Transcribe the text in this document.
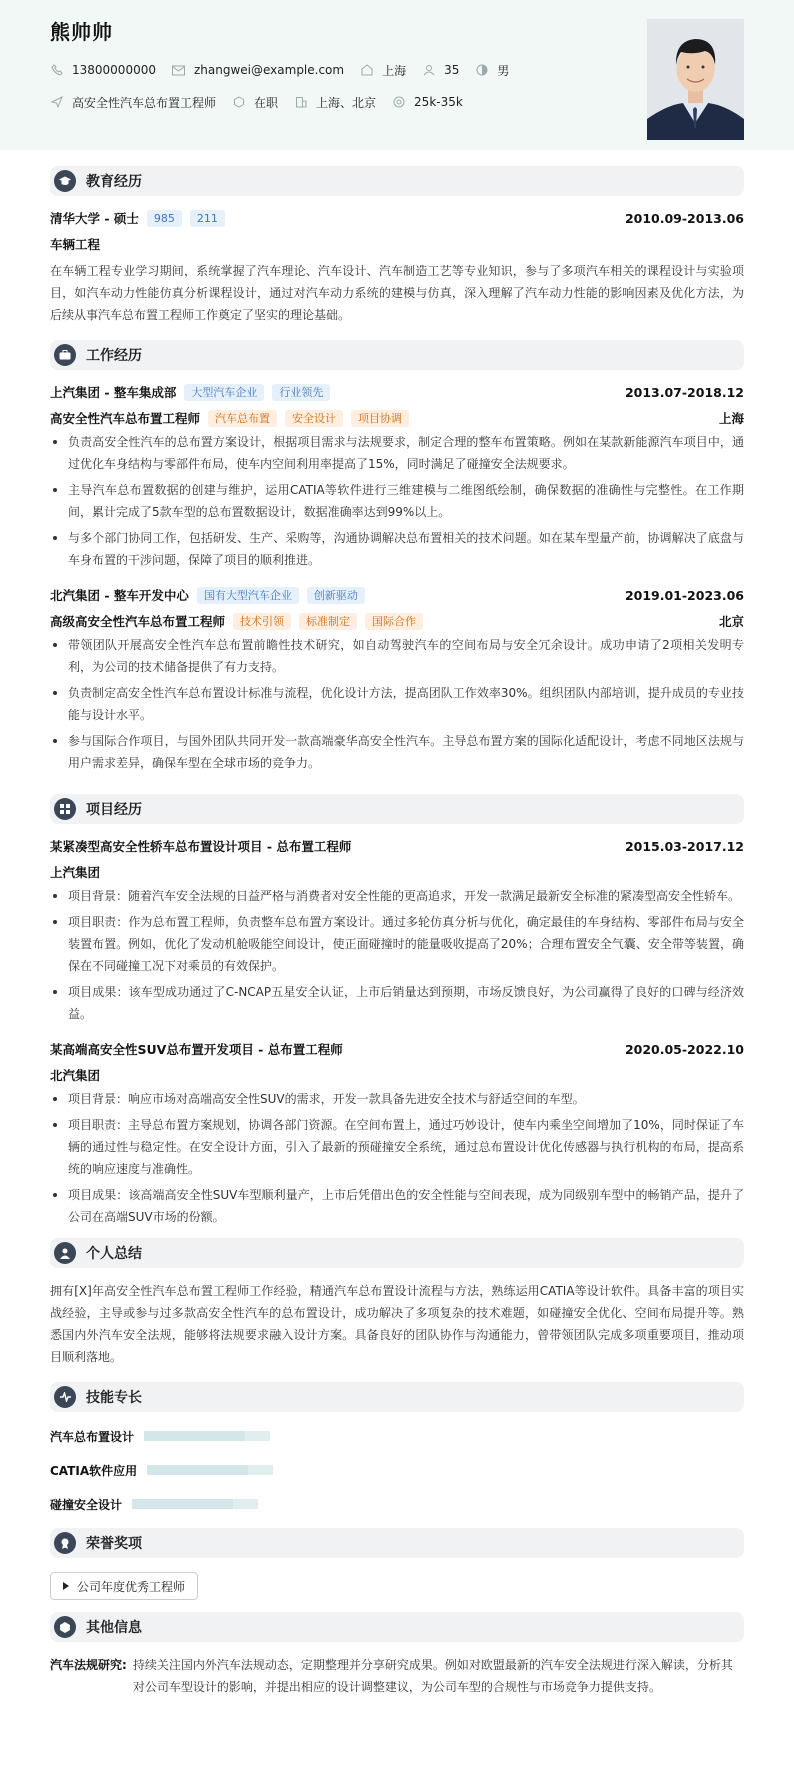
熊帅帅
13800000000	zhangwei@example.com	上海	35	男
高安全性汽车总布置工程师	在职	上海、北京	25k-35k
教育经历
清华大学 - 硕士	985	211	2010.09-2013.06
车辆工程
在车辆工程专业学习期间，系统掌握了汽车理论、汽车设计、汽车制造工艺等专业知识，参与了多项汽车相关的课程设计与实验项目，如汽车动力性能仿真分析课程设计，通过对汽车动力系统的建模与仿真，深入理解了汽车动力性能的影响因素及优化方法，为后续从事汽车总布置工程师工作奠定了坚实的理论基础。
工作经历
上汽集团 - 整车集成部	大型汽车企业	行业领先	2013.07-2018.12
高安全性汽车总布置工程师	汽车总布置	安全设计	项目协调	上海
负责高安全性汽车的总布置方案设计，根据项目需求与法规要求，制定合理的整车布置策略。例如在某款新能源汽车项目中，通过优化车身结构与零部件布局，使车内空间利用率提高了15%，同时满足了碰撞安全法规要求。
主导汽车总布置数据的创建与维护，运用CATIA等软件进行三维建模与二维图纸绘制，确保数据的准确性与完整性。在工作期间，累计完成了5款车型的总布置数据设计，数据准确率达到99%以上。
与多个部门协同工作，包括研发、生产、采购等，沟通协调解决总布置相关的技术问题。如在某车型量产前，协调解决了底盘与车身布置的干涉问题，保障了项目的顺利推进。
北汽集团 - 整车开发中心	国有大型汽车企业	创新驱动	2019.01-2023.06
高级高安全性汽车总布置工程师	技术引领	标准制定	国际合作	北京
带领团队开展高安全性汽车总布置前瞻性技术研究，如自动驾驶汽车的空间布局与安全冗余设计。成功申请了2项相关发明专利，为公司的技术储备提供了有力支持。
负责制定高安全性汽车总布置设计标准与流程，优化设计方法，提高团队工作效率30%。组织团队内部培训，提升成员的专业技能与设计水平。
参与国际合作项目，与国外团队共同开发一款高端豪华高安全性汽车。主导总布置方案的国际化适配设计，考虑不同地区法规与用户需求差异，确保车型在全球市场的竞争力。
项目经历
某紧凑型高安全性轿车总布置设计项目 - 总布置工程师	2015.03-2017.12
上汽集团
项目背景：随着汽车安全法规的日益严格与消费者对安全性能的更高追求，开发一款满足最新安全标准的紧凑型高安全性轿车。
项目职责：作为总布置工程师，负责整车总布置方案设计。通过多轮仿真分析与优化，确定最佳的车身结构、零部件布局与安全装置布置。例如，优化了发动机舱吸能空间设计，使正面碰撞时的能量吸收提高了20%；合理布置安全气囊、安全带等装置，确保在不同碰撞工况下对乘员的有效保护。
项目成果：该车型成功通过了C-NCAP五星安全认证，上市后销量达到预期，市场反馈良好，为公司赢得了良好的口碑与经济效益。
某高端高安全性SUV总布置开发项目 - 总布置工程师	2020.05-2022.10
北汽集团
项目背景：响应市场对高端高安全性SUV的需求，开发一款具备先进安全技术与舒适空间的车型。
项目职责：主导总布置方案规划，协调各部门资源。在空间布置上，通过巧妙设计，使车内乘坐空间增加了10%，同时保证了车辆的通过性与稳定性。在安全设计方面，引入了最新的预碰撞安全系统，通过总布置设计优化传感器与执行机构的布局，提高系统的响应速度与准确性。
项目成果：该高端高安全性SUV车型顺利量产，上市后凭借出色的安全性能与空间表现，成为同级别车型中的畅销产品，提升了公司在高端SUV市场的份额。
个人总结
拥有[X]年高安全性汽车总布置工程师工作经验，精通汽车总布置设计流程与方法，熟练运用CATIA等设计软件。具备丰富的项目实战经验，主导或参与过多款高安全性汽车的总布置设计，成功解决了多项复杂的技术难题，如碰撞安全优化、空间布局提升等。熟悉国内外汽车安全法规，能够将法规要求融入设计方案。具备良好的团队协作与沟通能力，曾带领团队完成多项重要项目，推动项目顺利落地。
技能专长
汽车总布置设计
CATIA软件应用
碰撞安全设计
荣誉奖项
公司年度优秀工程师
其他信息
汽车法规研究: 持续关注国内外汽车法规动态，定期整理并分享研究成果。例如对欧盟最新的汽车安全法规进行深入解读，分析其对公司车型设计的影响，并提出相应的设计调整建议，为公司车型的合规性与市场竞争力提供支持。
